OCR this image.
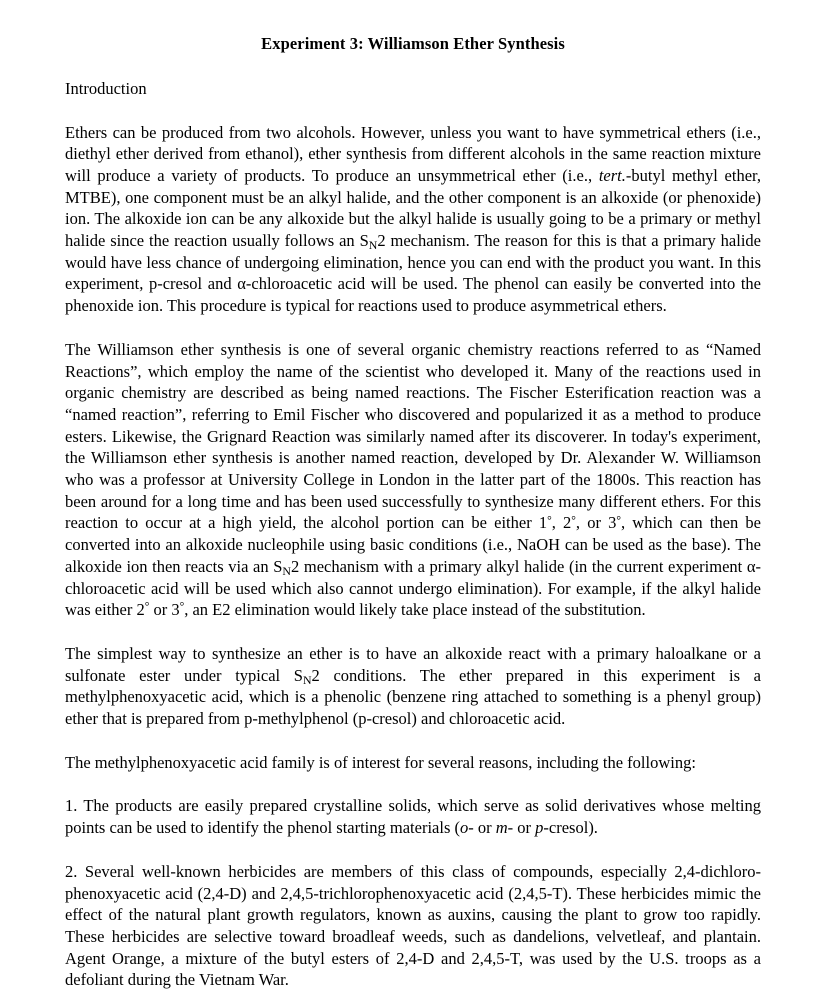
Experiment 3: Williamson Ether Synthesis
Introduction

Ethers can be produced from two alcohols. However, unless you want to have symmetrical ethers (i.e., diethyl ether derived from ethanol), ether synthesis from different alcohols in the same reaction mixture will produce a variety of products. To produce an unsymmetrical ether (i.e., tert.-butyl methyl ether, MTBE), one component must be an alkyl halide, and the other component is an alkoxide (or phenoxide) ion. The alkoxide ion can be any alkoxide but the alkyl halide is usually going to be a primary or methyl halide since the reaction usually follows an $S_N2$ mechanism. The reason for this is that a primary halide would have less chance of undergoing elimination, hence you can end with the product you want. In this experiment, p-cresol and α-chloroacetic acid will be used. The phenol can easily be converted into the phenoxide ion. This procedure is typical for reactions used to produce asymmetrical ethers.

The Williamson ether synthesis is one of several organic chemistry reactions referred to as “Named Reactions”, which employ the name of the scientist who developed it. Many of the reactions used in organic chemistry are described as being named reactions. The Fischer Esterification reaction was a “named reaction”, referring to Emil Fischer who discovered and popularized it as a method to produce esters. Likewise, the Grignard Reaction was similarly named after its discoverer. In today's experiment, the Williamson ether synthesis is another named reaction, developed by Dr. Alexander W. Williamson who was a professor at University College in London in the latter part of the 1800s. This reaction has been around for a long time and has been used successfully to synthesize many different ethers. For this reaction to occur at a high yield, the alcohol portion can be either 1°, 2°, or 3°, which can then be converted into an alkoxide nucleophile using basic conditions (i.e., NaOH can be used as the base). The alkoxide ion then reacts via an $S_N2$ mechanism with a primary alkyl halide (in the current experiment α-chloroacetic acid will be used which also cannot undergo elimination). For example, if the alkyl halide was either 2° or 3°, an E2 elimination would likely take place instead of the substitution.

The simplest way to synthesize an ether is to have an alkoxide react with a primary haloalkane or a sulfonate ester under typical $S_N2$ conditions. The ether prepared in this experiment is a methylphenoxyacetic acid, which is a phenolic (benzene ring attached to something is a phenyl group) ether that is prepared from p-methylphenol (p-cresol) and chloroacetic acid.

The methylphenoxyacetic acid family is of interest for several reasons, including the following:

1. The products are easily prepared crystalline solids, which serve as solid derivatives whose melting points can be used to identify the phenol starting materials (o- or m- or p-cresol).

2. Several well-known herbicides are members of this class of compounds, especially 2,4-dichloro-phenoxyacetic acid (2,4-D) and 2,4,5-trichlorophenoxyacetic acid (2,4,5-T). These herbicides mimic the effect of the natural plant growth regulators, known as auxins, causing the plant to grow too rapidly. These herbicides are selective toward broadleaf weeds, such as dandelions, velvetleaf, and plantain. Agent Orange, a mixture of the butyl esters of 2,4-D and 2,4,5-T, was used by the U.S. troops as a defoliant during the Vietnam War.
